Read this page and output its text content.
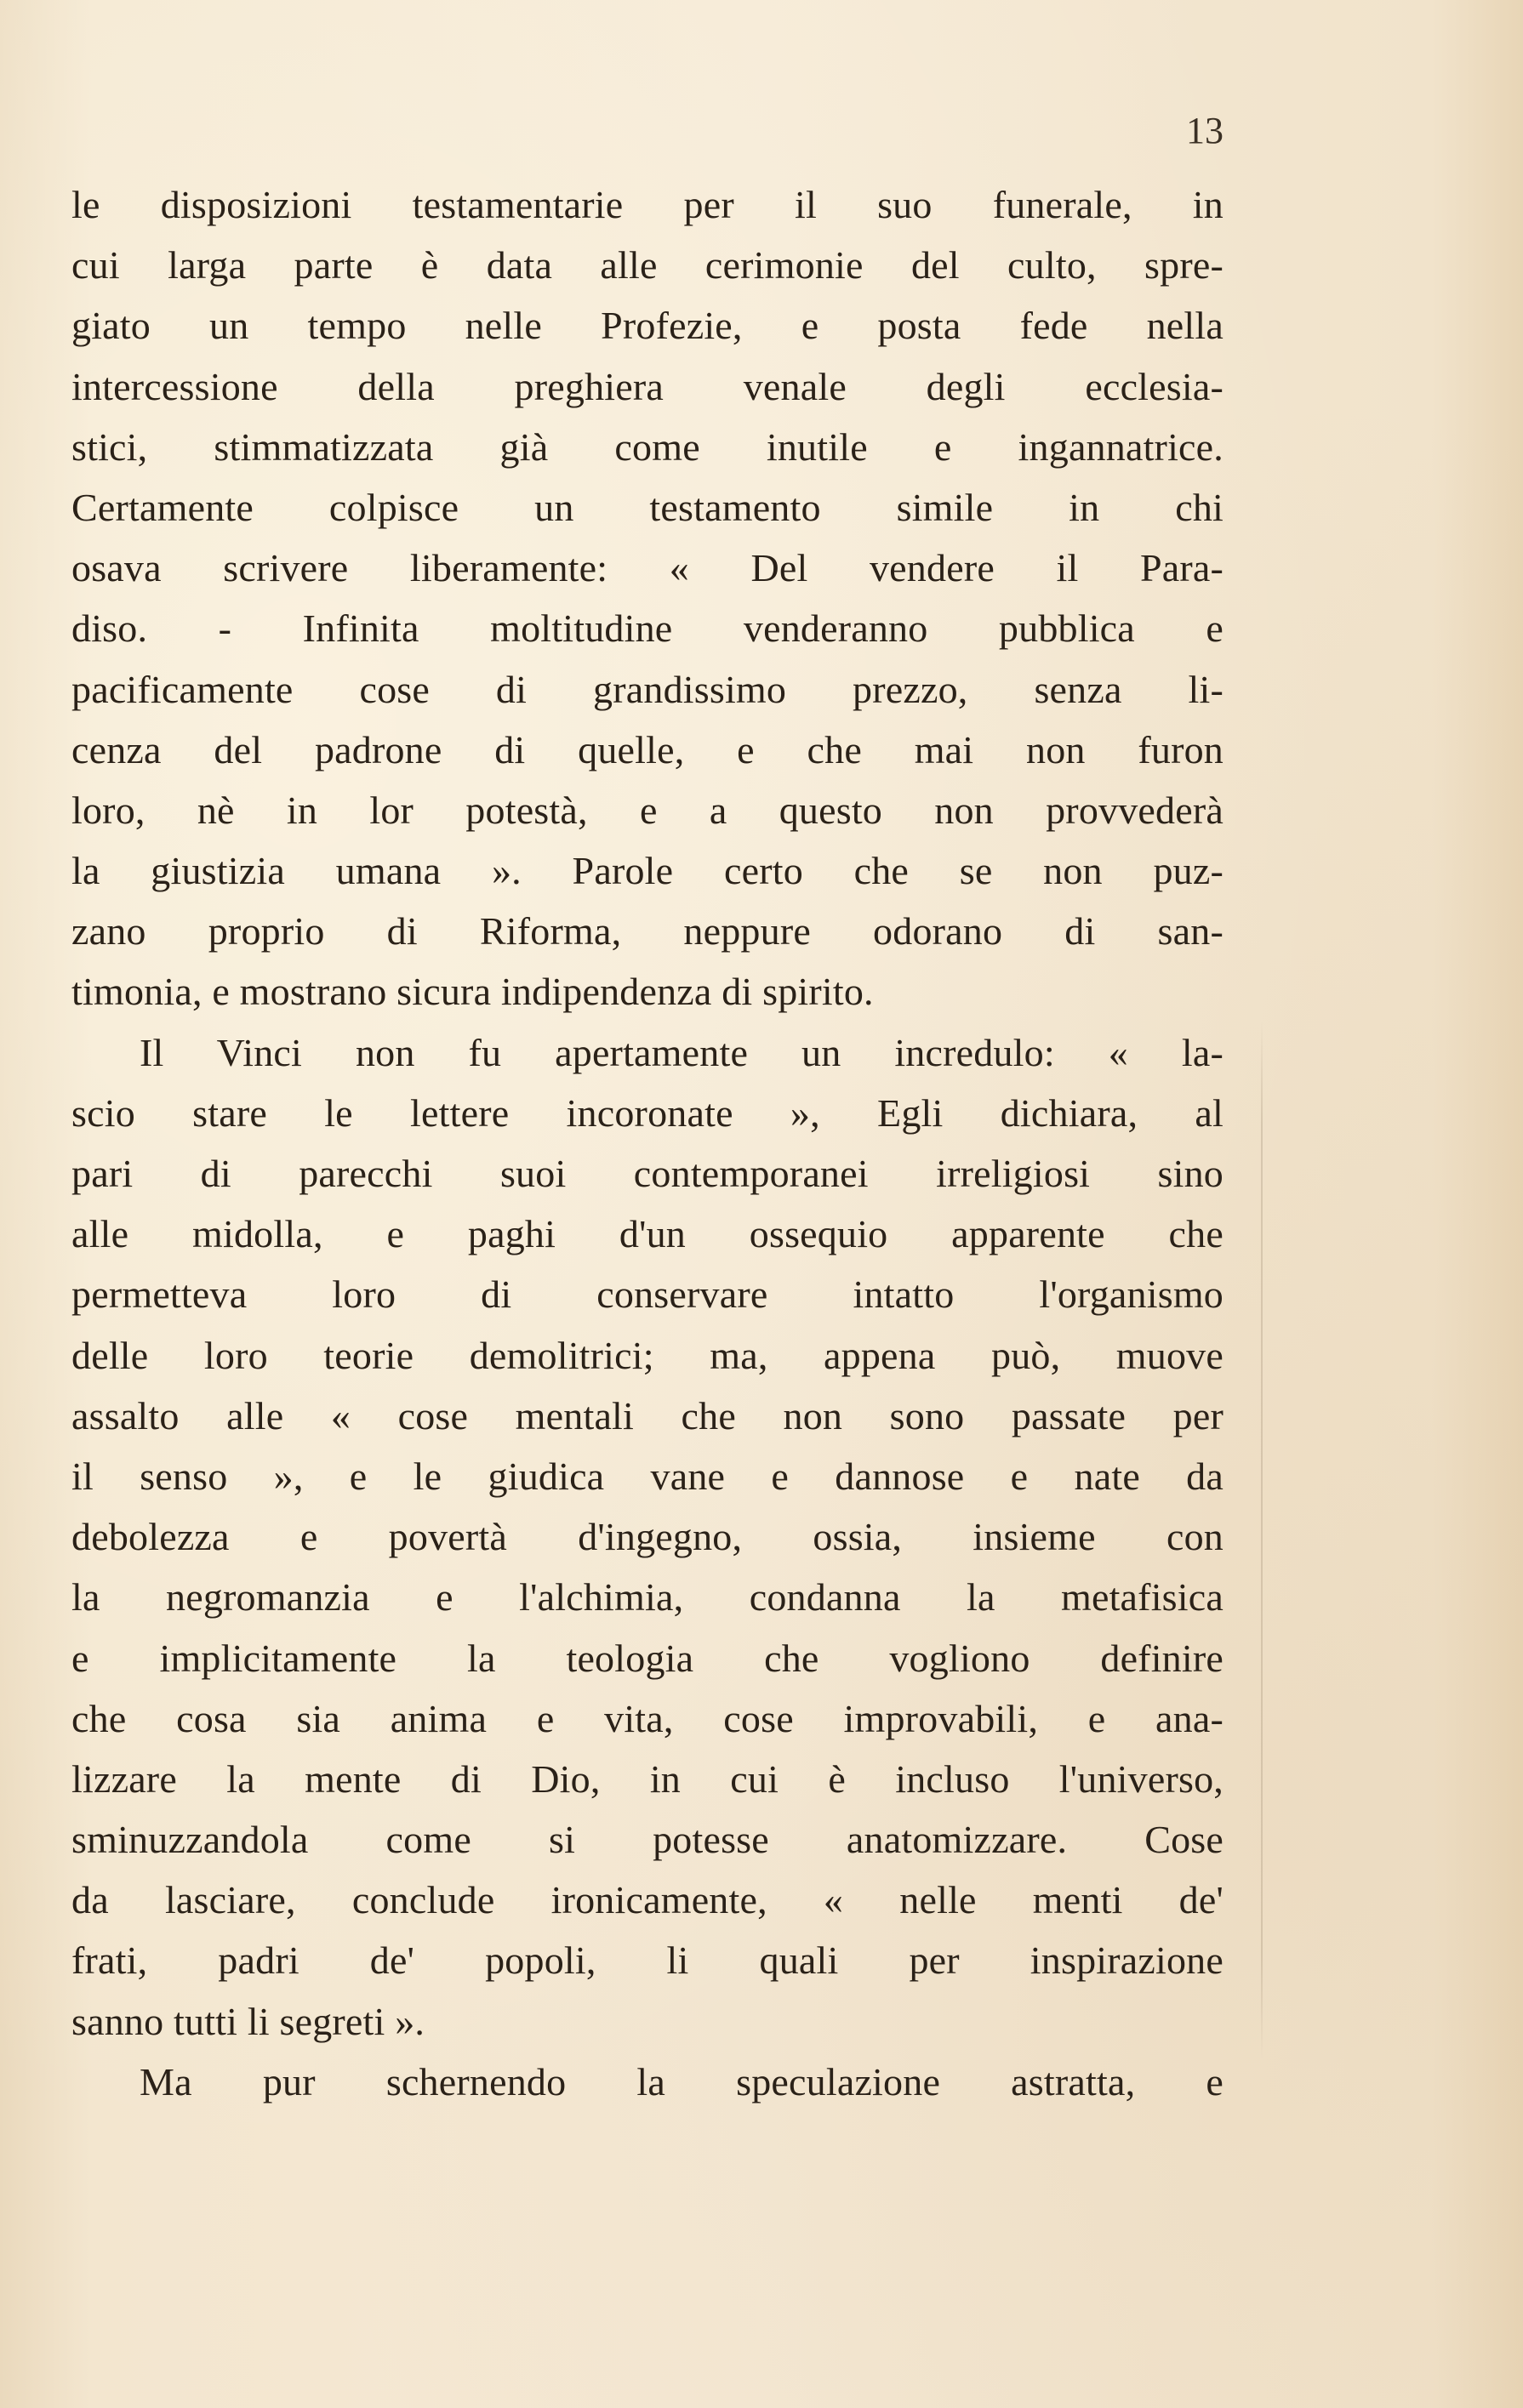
13
le disposizioni testamentarie per il suo funerale, in
cui larga parte è data alle cerimonie del culto, spre-
giato un tempo nelle Profezie, e posta fede nella
intercessione della preghiera venale degli ecclesia-
stici, stimmatizzata già come inutile e ingannatrice.
Certamente colpisce un testamento simile in chi
osava scrivere liberamente: « Del vendere il Para-
diso. - Infinita moltitudine venderanno pubblica e
pacificamente cose di grandissimo prezzo, senza li-
cenza del padrone di quelle, e che mai non furon
loro, nè in lor potestà, e a questo non provvederà
la giustizia umana ». Parole certo che se non puz-
zano proprio di Riforma, neppure odorano di san-
timonia, e mostrano sicura indipendenza di spirito.
Il Vinci non fu apertamente un incredulo: « la-
scio stare le lettere incoronate », Egli dichiara, al
pari di parecchi suoi contemporanei irreligiosi sino
alle midolla, e paghi d'un ossequio apparente che
permetteva loro di conservare intatto l'organismo
delle loro teorie demolitrici; ma, appena può, muove
assalto alle « cose mentali che non sono passate per
il senso », e le giudica vane e dannose e nate da
debolezza e povertà d'ingegno, ossia, insieme con
la negromanzia e l'alchimia, condanna la metafisica
e implicitamente la teologia che vogliono definire
che cosa sia anima e vita, cose improvabili, e ana-
lizzare la mente di Dio, in cui è incluso l'universo,
sminuzzandola come si potesse anatomizzare. Cose
da lasciare, conclude ironicamente, « nelle menti de'
frati, padri de' popoli, li quali per inspirazione
sanno tutti li segreti ».
Ma pur schernendo la speculazione astratta, e
